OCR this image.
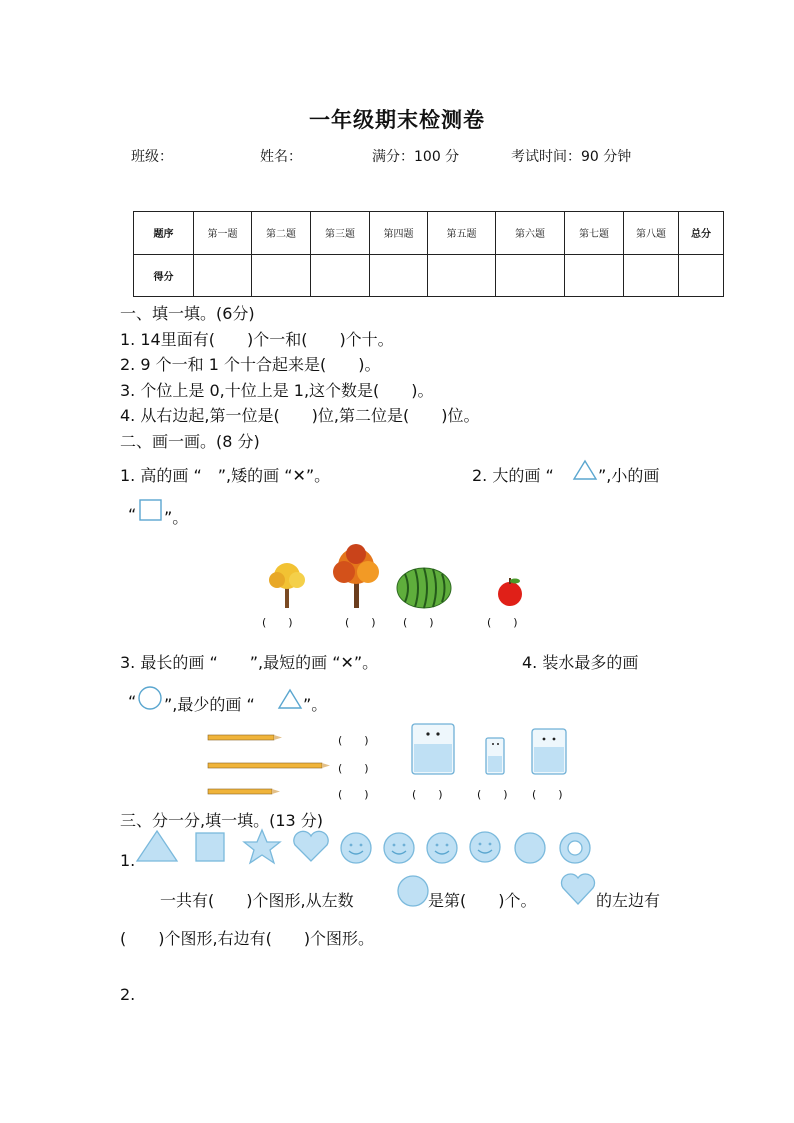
一年级期末检测卷
班级：	姓名：	满分：100 分	考试时间：90 分钟
题序	第一题	第二题	第三题	第四题	第五题	第六题	第七题	第八题	总分
得分									
一、填一填。(6分)
1. 14里面有(　　)个一和(　　)个十。
2. 9 个一和 1 个十合起来是(　　)。
3. 个位上是 0,十位上是 1,这个数是(　　)。
4. 从右边起,第一位是(　　)位,第二位是(　　)位。
二、画一画。(8 分)
1. 高的画 “　”,矮的画 “✕”。	2. 大的画 “	”,小的画
“ ”。
(　　)	(　　) (　　)	(　　)
3. 最长的画 “　　”,最短的画 “✕”。	4. 装水最多的画
“ ”,最少的画 “	”。
(　　)
(　　)
(　　)	(　　)	(　　) (　　)
三、分一分,填一填。(13 分)
1.
一共有(　　)个图形,从左数	是第(　　)个。	的左边有
(　　)个图形,右边有(　　)个图形。
2.
